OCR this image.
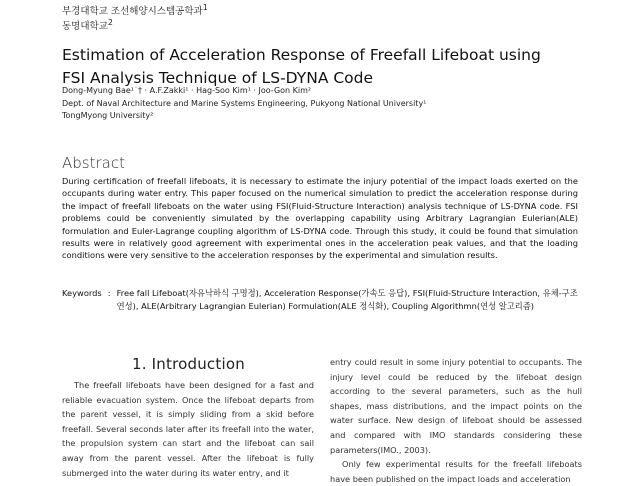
부경대학교 조선해양시스템공학과$^1$
동명대학교$^2$
Estimation of Acceleration Response of Freefall Lifeboat using
FSI Analysis Technique of LS-DYNA Code
Dong-Myung Bae¹˙† · A.F.Zakki¹ · Hag-Soo Kim¹ · Joo-Gon Kim²
Dept. of Naval Architecture and Marine Systems Engineering, Pukyong National University¹
TongMyong University²
Abstract
During certification of freefall lifeboats, it is necessary to estimate the injury potential of the impact loads exerted on the occupants during water entry. This paper focused on the numerical simulation to predict the acceleration response during the impact of freefall lifeboats on the water using FSI(Fluid-Structure Interaction) analysis technique of LS-DYNA code. FSI problems could be conveniently simulated by the overlapping capability using Arbitrary Lagrangian Eulerian(ALE) formulation and Euler-Lagrange coupling algorithm of LS-DYNA code. Through this study, it could be found that simulation results were in relatively good agreement with experimental ones in the acceleration peak values, and that the loading conditions were very sensitive to the acceleration responses by the experimental and simulation results.
Keywords : Free fall Lifeboat(자유낙하식 구명정), Acceleration Response(가속도 응답), FSI(Fluid-Structure Interaction, 유체-구조 연성), ALE(Arbitrary Lagrangian Eulerian) Formulation(ALE 정식화), Coupling Algorithmn(연성 알고리즘)
1. Introduction
The freefall lifeboats have been designed for a fast and reliable evacuation system. Once the lifeboat departs from the parent vessel, it is simply sliding from a skid before freefall. Several seconds later after its freefall into the water, the propulsion system can start and the lifeboat can sail away from the parent vessel. After the lifeboat is fully submerged into the water during its water entry, and it

entry could result in some injury potential to occupants. The injury level could be reduced by the lifeboat design according to the several parameters, such as the hull shapes, mass distributions, and the impact points on the water surface. New design of lifeboat should be assessed and compared with IMO standards considering these parameters(IMO., 2003).

Only few experimental results for the freefall lifeboats have been published on the impact loads and acceleration
